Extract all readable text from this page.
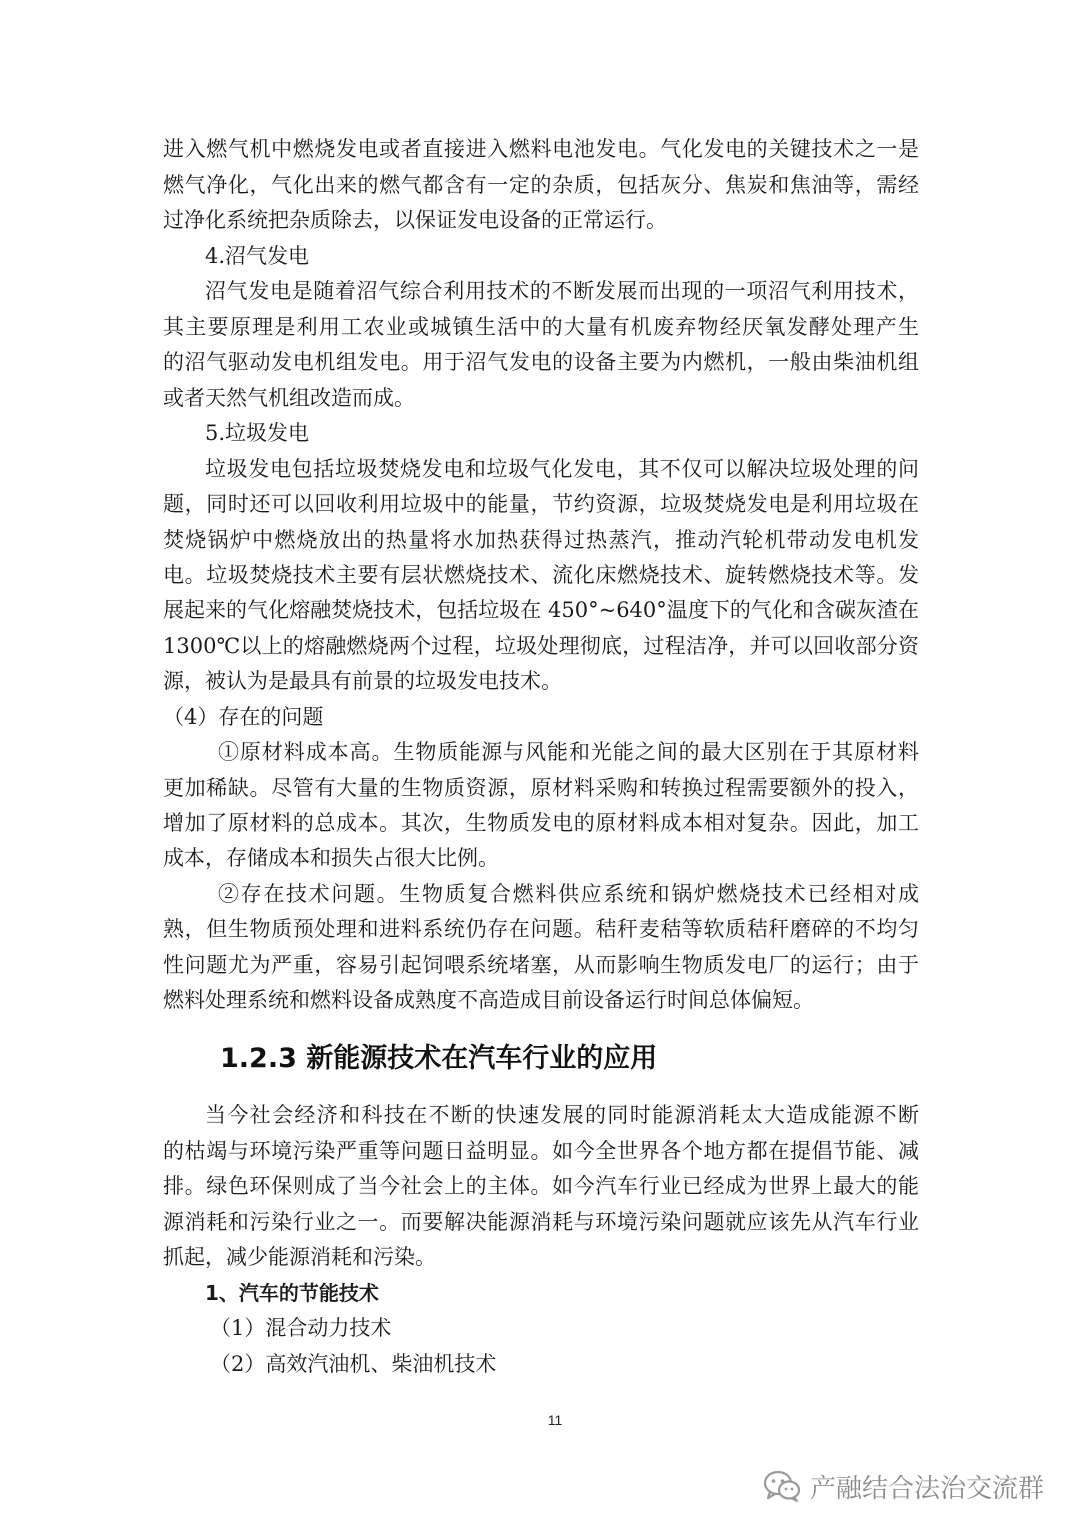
进入燃气机中燃烧发电或者直接进入燃料电池发电。气化发电的关键技术之一是
燃气净化，气化出来的燃气都含有一定的杂质，包括灰分、焦炭和焦油等，需经
过净化系统把杂质除去，以保证发电设备的正常运行。
4.沼气发电
沼气发电是随着沼气综合利用技术的不断发展而出现的一项沼气利用技术，
其主要原理是利用工农业或城镇生活中的大量有机废弃物经厌氧发酵处理产生
的沼气驱动发电机组发电。用于沼气发电的设备主要为内燃机，一般由柴油机组
或者天然气机组改造而成。
5.垃圾发电
垃圾发电包括垃圾焚烧发电和垃圾气化发电，其不仅可以解决垃圾处理的问
题，同时还可以回收利用垃圾中的能量，节约资源，垃圾焚烧发电是利用垃圾在
焚烧锅炉中燃烧放出的热量将水加热获得过热蒸汽，推动汽轮机带动发电机发
电。垃圾焚烧技术主要有层状燃烧技术、流化床燃烧技术、旋转燃烧技术等。发
展起来的气化熔融焚烧技术，包括垃圾在 450°~640°温度下的气化和含碳灰渣在
1300℃以上的熔融燃烧两个过程，垃圾处理彻底，过程洁净，并可以回收部分资
源，被认为是最具有前景的垃圾发电技术。
（4）存在的问题
①原材料成本高。生物质能源与风能和光能之间的最大区别在于其原材料
更加稀缺。尽管有大量的生物质资源，原材料采购和转换过程需要额外的投入，
增加了原材料的总成本。其次，生物质发电的原材料成本相对复杂。因此，加工
成本，存储成本和损失占很大比例。
②存在技术问题。生物质复合燃料供应系统和锅炉燃烧技术已经相对成
熟，但生物质预处理和进料系统仍存在问题。秸秆麦秸等软质秸秆磨碎的不均匀
性问题尤为严重，容易引起饲喂系统堵塞，从而影响生物质发电厂的运行；由于
燃料处理系统和燃料设备成熟度不高造成目前设备运行时间总体偏短。
1.2.3 新能源技术在汽车行业的应用
当今社会经济和科技在不断的快速发展的同时能源消耗太大造成能源不断
的枯竭与环境污染严重等问题日益明显。如今全世界各个地方都在提倡节能、减
排。绿色环保则成了当今社会上的主体。如今汽车行业已经成为世界上最大的能
源消耗和污染行业之一。而要解决能源消耗与环境污染问题就应该先从汽车行业
抓起，减少能源消耗和污染。
1、汽车的节能技术
（1）混合动力技术
（2）高效汽油机、柴油机技术
11
产融结合法治交流群
